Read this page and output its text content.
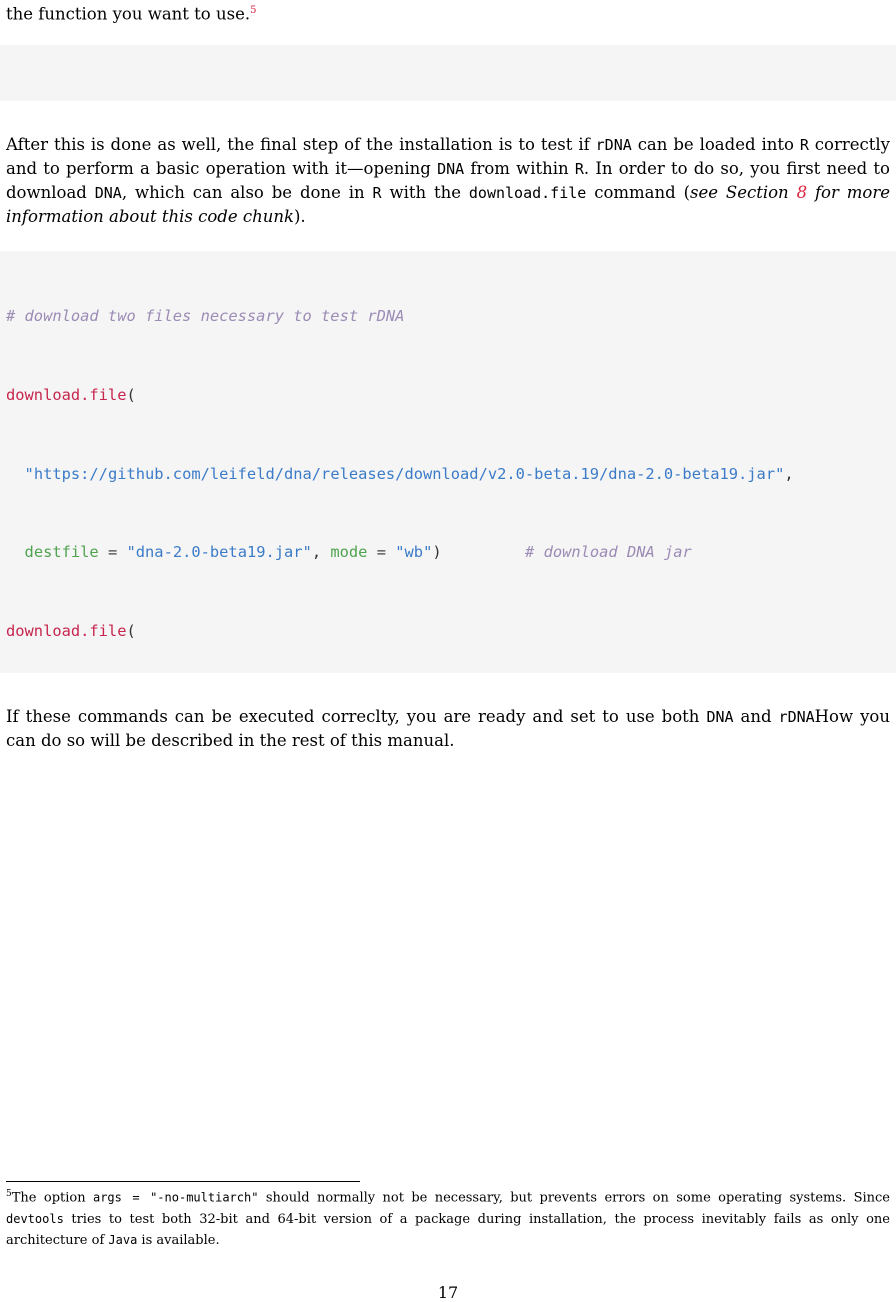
the function you want to use.$^5$

After this is done as well, the final step of the installation is to test if rDNA can be loaded into R correctly and to perform a basic operation with it—opening DNA from within R. In order to do so, you first need to download DNA, which can also be done in R with the download.file command (see Section 8 for more information about this code chunk).

# download two files necessary to test rDNA

download.file(

"https://github.com/leifeld/dna/releases/download/v2.0-beta.19/dna-2.0-beta19.jar",

destfile = "dna-2.0-beta19.jar", mode = "wb")	# download DNA jar

download.file(

If these commands can be executed correclty, you are ready and set to use both DNA and rDNAHow you can do so will be described in the rest of this manual.

$^5$The option args = "-no-multiarch" should normally not be necessary, but prevents errors on some operating systems. Since devtools tries to test both 32-bit and 64-bit version of a package during installation, the process inevitably fails as only one architecture of Java is available.
17
